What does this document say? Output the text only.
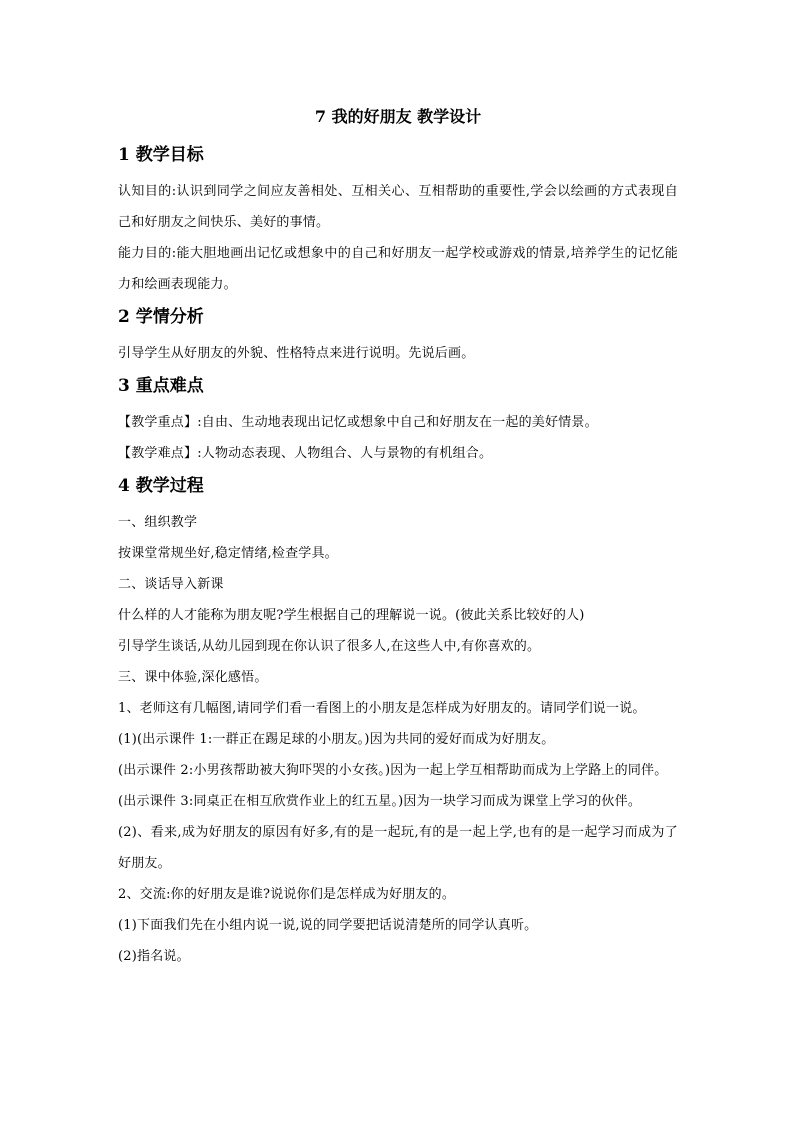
7 我的好朋友 教学设计
1 教学目标

认知目的:认识到同学之间应友善相处、互相关心、互相帮助的重要性,学会以绘画的方式表现自己和好朋友之间快乐、美好的事情。

能力目的:能大胆地画出记忆或想象中的自己和好朋友一起学校或游戏的情景,培养学生的记忆能力和绘画表现能力。

2 学情分析

引导学生从好朋友的外貌、性格特点来进行说明。先说后画。

3 重点难点

【教学重点】:自由、生动地表现出记忆或想象中自己和好朋友在一起的美好情景。

【教学难点】:人物动态表现、人物组合、人与景物的有机组合。

4 教学过程

一、组织教学

按课堂常规坐好,稳定情绪,检查学具。

二、谈话导入新课

什么样的人才能称为朋友呢?学生根据自己的理解说一说。(彼此关系比较好的人)

引导学生谈话,从幼儿园到现在你认识了很多人,在这些人中,有你喜欢的。

三、课中体验,深化感悟。

1、老师这有几幅图,请同学们看一看图上的小朋友是怎样成为好朋友的。请同学们说一说。

(1)(出示课件 1:一群正在踢足球的小朋友。)因为共同的爱好而成为好朋友。

(出示课件 2:小男孩帮助被大狗吓哭的小女孩。)因为一起上学互相帮助而成为上学路上的同伴。

(出示课件 3:同桌正在相互欣赏作业上的红五星。)因为一块学习而成为课堂上学习的伙伴。

(2)、看来,成为好朋友的原因有好多,有的是一起玩,有的是一起上学,也有的是一起学习而成为了好朋友。

2、交流:你的好朋友是谁?说说你们是怎样成为好朋友的。

(1)下面我们先在小组内说一说,说的同学要把话说清楚所的同学认真听。

(2)指名说。
